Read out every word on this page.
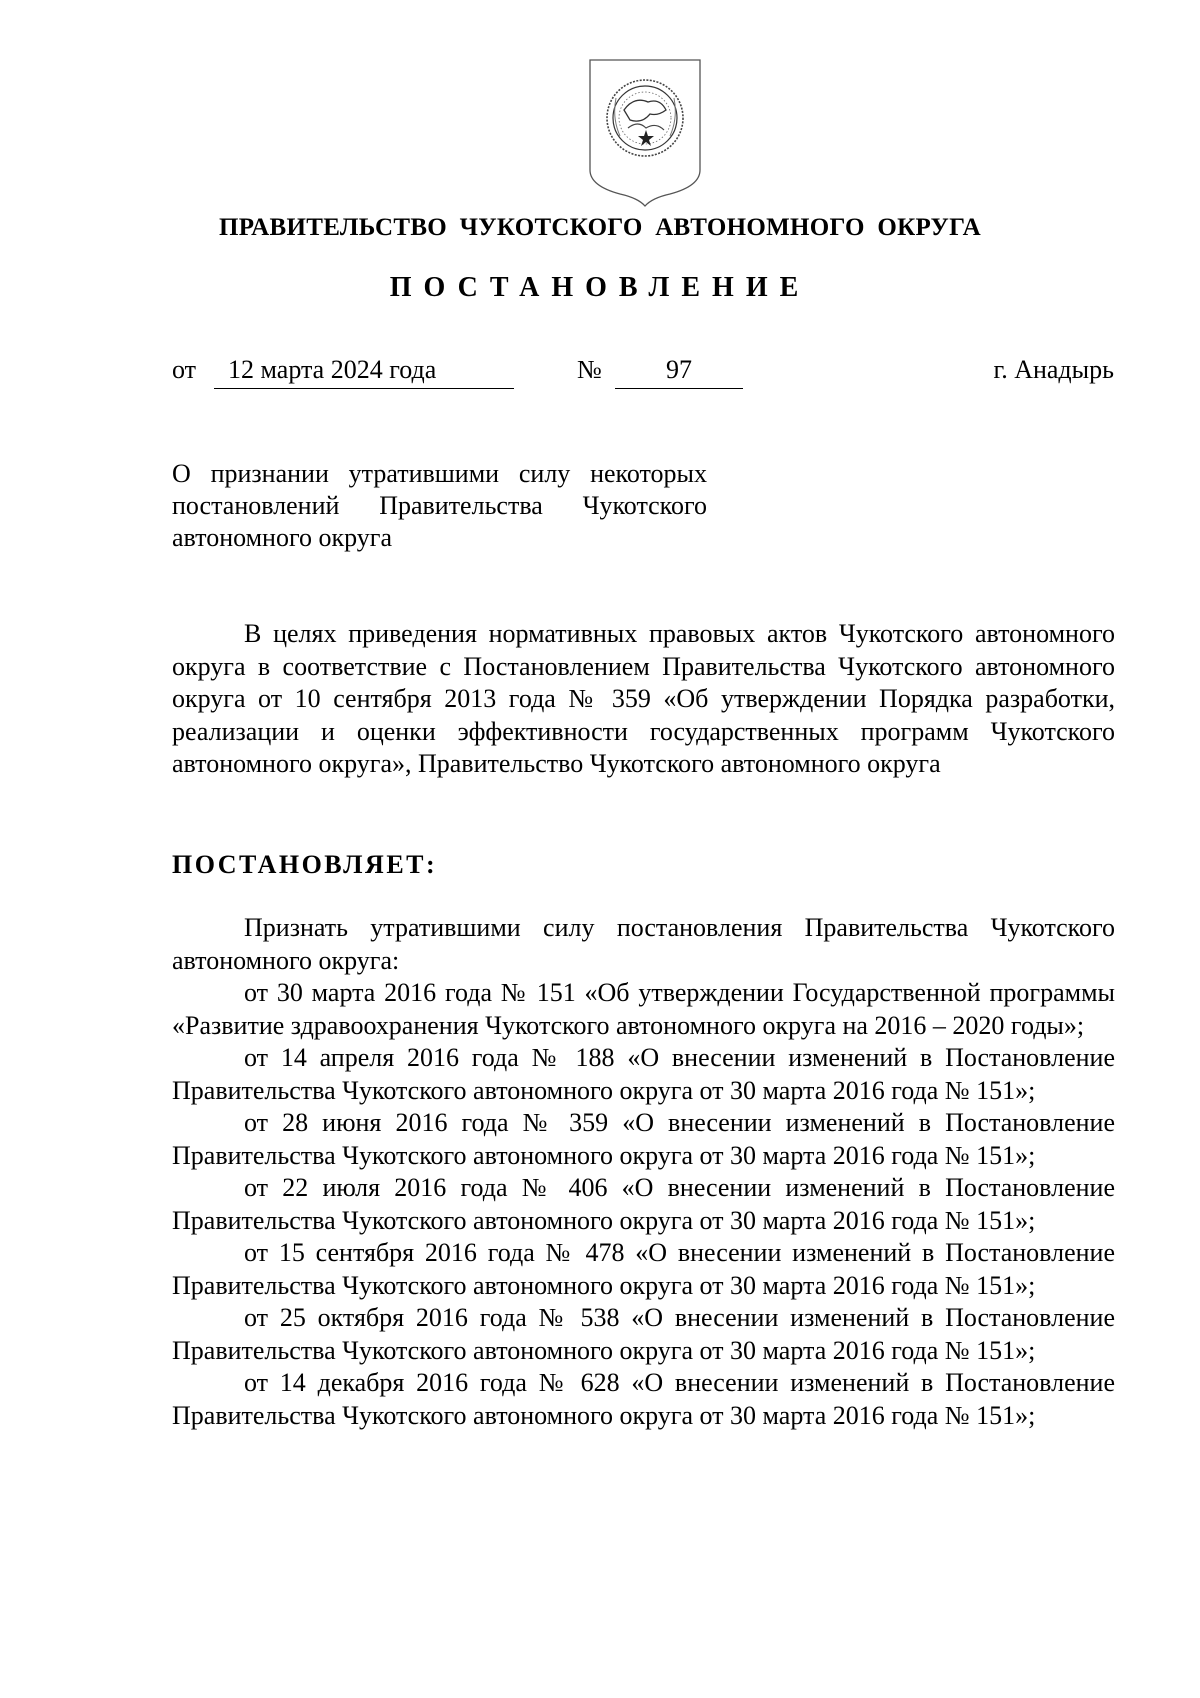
ПРАВИТЕЛЬСТВО ЧУКОТСКОГО АВТОНОМНОГО ОКРУГА
ПОСТАНОВЛЕНИЕ
от	12 марта 2024 года	№	97	г. Анадырь
О признании утратившими силу некоторых
постановлений Правительства Чукотского
автономного округа

В целях приведения нормативных правовых актов Чукотского автономного округа в соответствие с Постановлением Правительства Чукотского автономного округа от 10 сентября 2013 года № 359 «Об утверждении Порядка разработки, реализации и оценки эффективности государственных программ Чукотского автономного округа», Правительство Чукотского автономного округа

ПОСТАНОВЛЯЕТ:

Признать утратившими силу постановления Правительства Чукотского автономного округа:

от 30 марта 2016 года № 151 «Об утверждении Государственной программы «Развитие здравоохранения Чукотского автономного округа на 2016 – 2020 годы»;

от 14 апреля 2016 года № 188 «О внесении изменений в Постановление Правительства Чукотского автономного округа от 30 марта 2016 года № 151»;

от 28 июня 2016 года № 359 «О внесении изменений в Постановление Правительства Чукотского автономного округа от 30 марта 2016 года № 151»;

от 22 июля 2016 года № 406 «О внесении изменений в Постановление Правительства Чукотского автономного округа от 30 марта 2016 года № 151»;

от 15 сентября 2016 года № 478 «О внесении изменений в Постановление Правительства Чукотского автономного округа от 30 марта 2016 года № 151»;

от 25 октября 2016 года № 538 «О внесении изменений в Постановление Правительства Чукотского автономного округа от 30 марта 2016 года № 151»;

от 14 декабря 2016 года № 628 «О внесении изменений в Постановление Правительства Чукотского автономного округа от 30 марта 2016 года № 151»;
